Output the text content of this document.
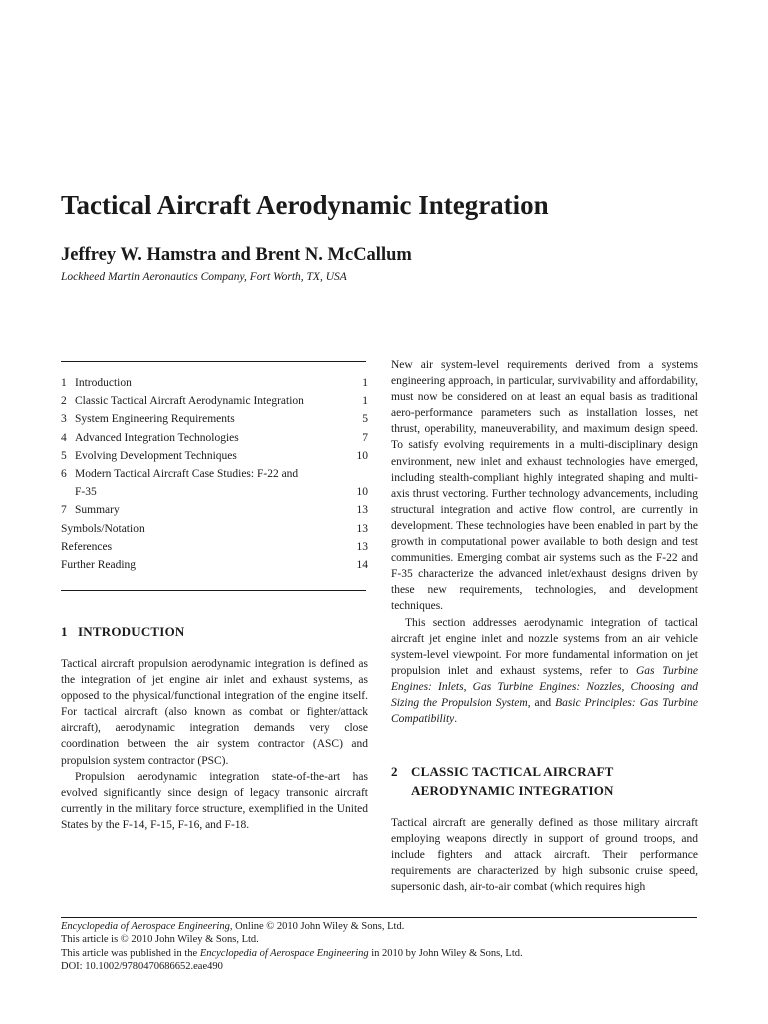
Tactical Aircraft Aerodynamic Integration
Jeffrey W. Hamstra and Brent N. McCallum
Lockheed Martin Aeronautics Company, Fort Worth, TX, USA
1 Introduction	1
2 Classic Tactical Aircraft Aerodynamic Integration	1
3 System Engineering Requirements	5
4 Advanced Integration Technologies	7
5 Evolving Development Techniques	10
6 Modern Tactical Aircraft Case Studies: F-22 and
F-35	10
7 Summary	13
Symbols/Notation	13
References	13
Further Reading	14
1   INTRODUCTION

Tactical aircraft propulsion aerodynamic integration is defined as the integration of jet engine air inlet and exhaust systems, as opposed to the physical/functional integration of the engine itself. For tactical aircraft (also known as combat or fighter/attack aircraft), aerodynamic integration demands very close coordination between the air system contractor (ASC) and propulsion system contractor (PSC).

Propulsion aerodynamic integration state-of-the-art has evolved significantly since design of legacy transonic aircraft currently in the military force structure, exemplified in the United States by the F-14, F-15, F-16, and F-18.

New air system-level requirements derived from a systems engineering approach, in particular, survivability and affordability, must now be considered on at least an equal basis as traditional aero-performance parameters such as installation losses, net thrust, operability, maneuverability, and maximum design speed. To satisfy evolving requirements in a multi-disciplinary design environment, new inlet and exhaust technologies have emerged, including stealth-compliant highly integrated shaping and multi-axis thrust vectoring. Further technology advancements, including structural integration and active flow control, are currently in development. These technologies have been enabled in part by the growth in computational power available to both design and test communities. Emerging combat air systems such as the F-22 and F-35 characterize the advanced inlet/exhaust designs driven by these new requirements, technologies, and development techniques.

This section addresses aerodynamic integration of tactical aircraft jet engine inlet and nozzle systems from an air vehicle system-level viewpoint. For more fundamental information on jet propulsion inlet and exhaust systems, refer to Gas Turbine Engines: Inlets, Gas Turbine Engines: Nozzles, Choosing and Sizing the Propulsion System, and Basic Principles: Gas Turbine Compatibility.

2	CLASSIC TACTICAL AIRCRAFT
AERODYNAMIC INTEGRATION

Tactical aircraft are generally defined as those military aircraft employing weapons directly in support of ground troops, and include fighters and attack aircraft. Their performance requirements are characterized by high subsonic cruise speed, supersonic dash, air-to-air combat (which requires high

Encyclopedia of Aerospace Engineering, Online © 2010 John Wiley & Sons, Ltd.
This article is © 2010 John Wiley & Sons, Ltd.
This article was published in the Encyclopedia of Aerospace Engineering in 2010 by John Wiley & Sons, Ltd.
DOI: 10.1002/9780470686652.eae490
